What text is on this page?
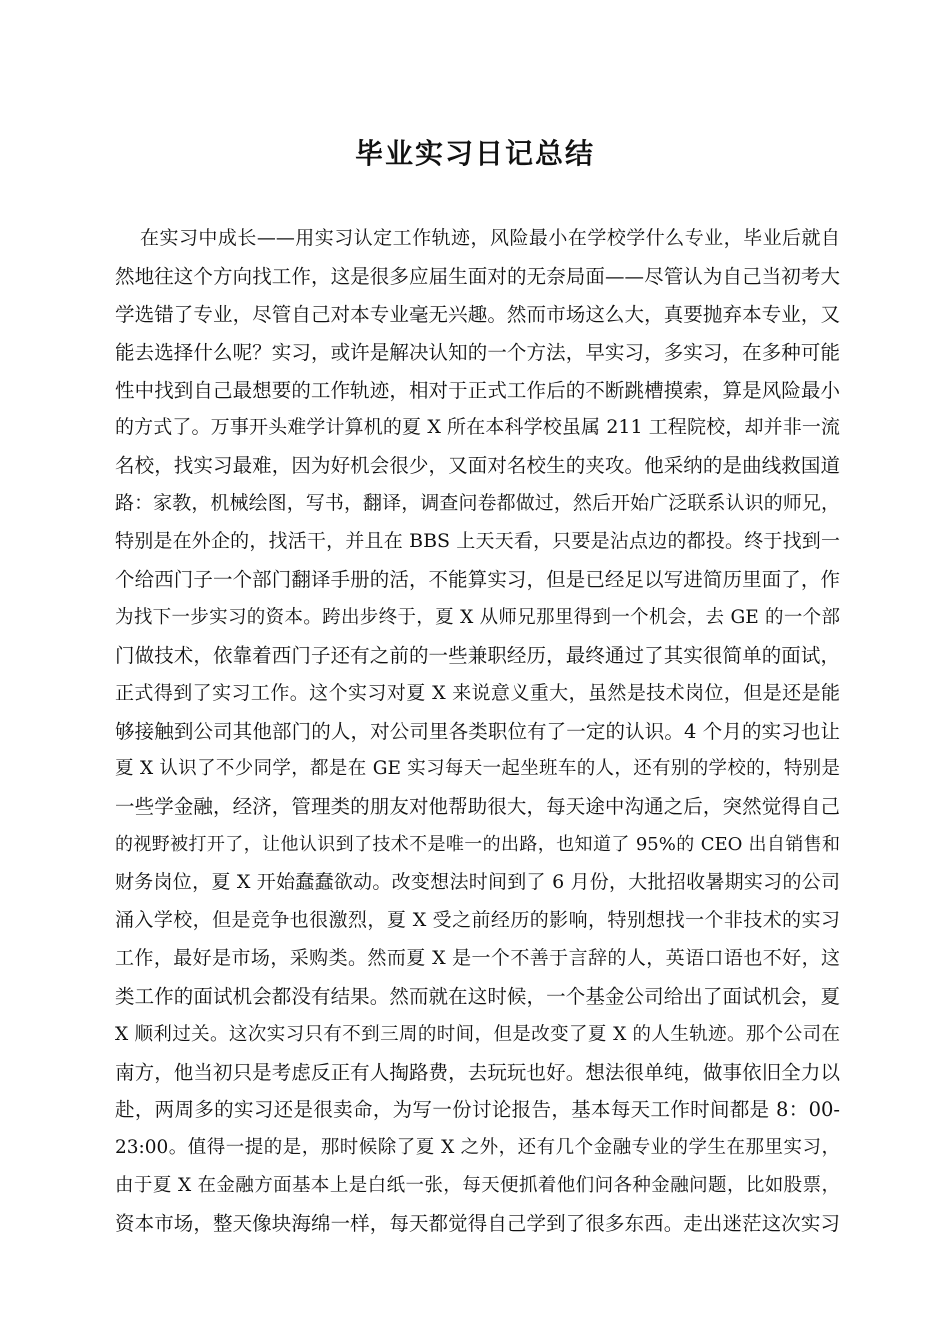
毕业实习日记总结
在实习中成长——用实习认定工作轨迹，风险最小在学校学什么专业，毕业后就自
然地往这个方向找工作，这是很多应届生面对的无奈局面——尽管认为自己当初考大
学选错了专业，尽管自己对本专业毫无兴趣。然而市场这么大，真要抛弃本专业，又
能去选择什么呢？实习，或许是解决认知的一个方法，早实习，多实习，在多种可能
性中找到自己最想要的工作轨迹，相对于正式工作后的不断跳槽摸索，算是风险最小
的方式了。万事开头难学计算机的夏 X 所在本科学校虽属 211 工程院校，却并非一流
名校，找实习最难，因为好机会很少，又面对名校生的夹攻。他采纳的是曲线救国道
路：家教，机械绘图，写书，翻译，调查问卷都做过，然后开始广泛联系认识的师兄，
特别是在外企的，找活干，并且在 BBS 上天天看，只要是沾点边的都投。终于找到一
个给西门子一个部门翻译手册的活，不能算实习，但是已经足以写进简历里面了，作
为找下一步实习的资本。跨出步终于，夏 X 从师兄那里得到一个机会，去 GE 的一个部
门做技术，依靠着西门子还有之前的一些兼职经历，最终通过了其实很简单的面试，
正式得到了实习工作。这个实习对夏 X 来说意义重大，虽然是技术岗位，但是还是能
够接触到公司其他部门的人，对公司里各类职位有了一定的认识。4 个月的实习也让
夏 X 认识了不少同学，都是在 GE 实习每天一起坐班车的人，还有别的学校的，特别是
一些学金融，经济，管理类的朋友对他帮助很大，每天途中沟通之后，突然觉得自己
的视野被打开了，让他认识到了技术不是唯一的出路，也知道了 95%的 CEO 出自销售和
财务岗位，夏 X 开始蠢蠢欲动。改变想法时间到了 6 月份，大批招收暑期实习的公司
涌入学校，但是竞争也很激烈，夏 X 受之前经历的影响，特别想找一个非技术的实习
工作，最好是市场，采购类。然而夏 X 是一个不善于言辞的人，英语口语也不好，这
类工作的面试机会都没有结果。然而就在这时候，一个基金公司给出了面试机会，夏
X 顺利过关。这次实习只有不到三周的时间，但是改变了夏 X 的人生轨迹。那个公司在
南方，他当初只是考虑反正有人掏路费，去玩玩也好。想法很单纯，做事依旧全力以
赴，两周多的实习还是很卖命，为写一份讨论报告，基本每天工作时间都是 8：00-
23:00。值得一提的是，那时候除了夏 X 之外，还有几个金融专业的学生在那里实习，
由于夏 X 在金融方面基本上是白纸一张，每天便抓着他们问各种金融问题，比如股票，
资本市场，整天像块海绵一样，每天都觉得自己学到了很多东西。走出迷茫这次实习
